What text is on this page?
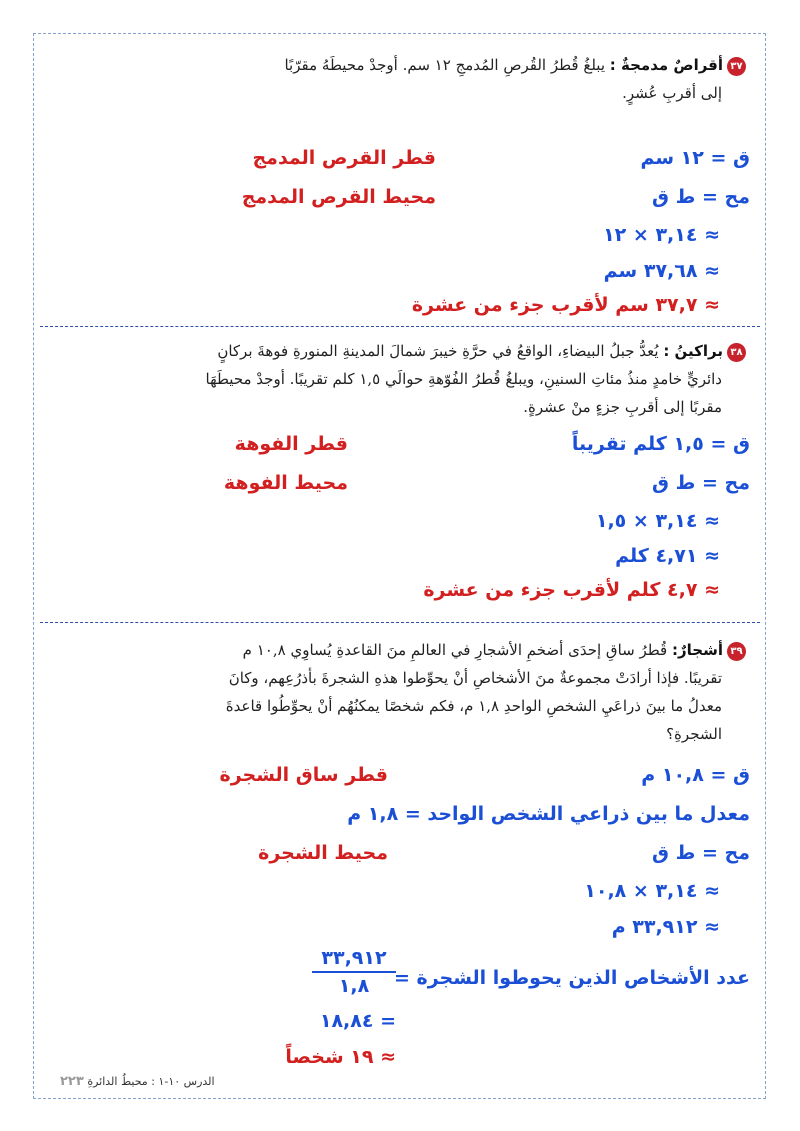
٣٧أقراصٌ مدمجةٌ : يبلغُ قُطرُ القُرصِ المُدمجِ ١٢ سم. أوجدْ محيطَهُ مقرّبًا
إلى أقربِ عُشرٍ.
ق = ١٢ سم
قطر القرص المدمج
مح = ط ق
محيط القرص المدمج
≈ ٣,١٤ × ١٢
≈ ٣٧,٦٨ سم
≈ ٣٧,٧ سم لأقرب جزء من عشرة
٣٨براكينُ : يُعدُّ جبلُ البيضاءِ، الواقعُ في حرَّةِ خيبرَ شمالَ المدينةِ المنورةِ فوهةَ بركانٍ
دائريٍّ خامدٍ منذُ مئاتِ السنينِ، ويبلغُ قُطرُ الفُوّهةِ حوالَي ١,٥ كلم تقريبًا. أوجدْ محيطَهَا
مقربًا إلى أقربِ جزءٍ منْ عشرةٍ.
ق = ١,٥ كلم تقريباً
قطر الفوهة
مح = ط ق
محيط الفوهة
≈ ٣,١٤ × ١,٥
≈ ٤,٧١ كلم
≈ ٤,٧ كلم لأقرب جزء من عشرة
٣٩أشجارٌ: قُطرُ ساقِ إحدَى أضخمِ الأشجارِ في العالمِ منَ القاعدةِ يُساوِي ١٠,٨ م
تقريبًا. فإذا أرادَتْ مجموعةٌ منَ الأشخاصِ أنْ يحوِّطوا هذهِ الشجرةَ بأذرُعِهم، وكانَ
معدلُ ما بينَ ذراعَيِ الشخصِ الواحدِ ١,٨ م، فكم شخصًا يمكنُهُم أنْ يحوِّطُوا قاعدةَ
الشجرةِ؟
ق = ١٠,٨ م
قطر ساق الشجرة
معدل ما بين ذراعي الشخص الواحد = ١,٨ م
مح = ط ق
محيط الشجرة
≈ ٣,١٤ × ١٠,٨
≈ ٣٣,٩١٢ م
عدد الأشخاص الذين يحوطوا الشجرة =
٣٣,٩١٢
١,٨
= ١٨,٨٤
≈ ١٩ شخصاً
الدرس ١٠-١ : محيطُ الدائرةِ ٢٢٣
